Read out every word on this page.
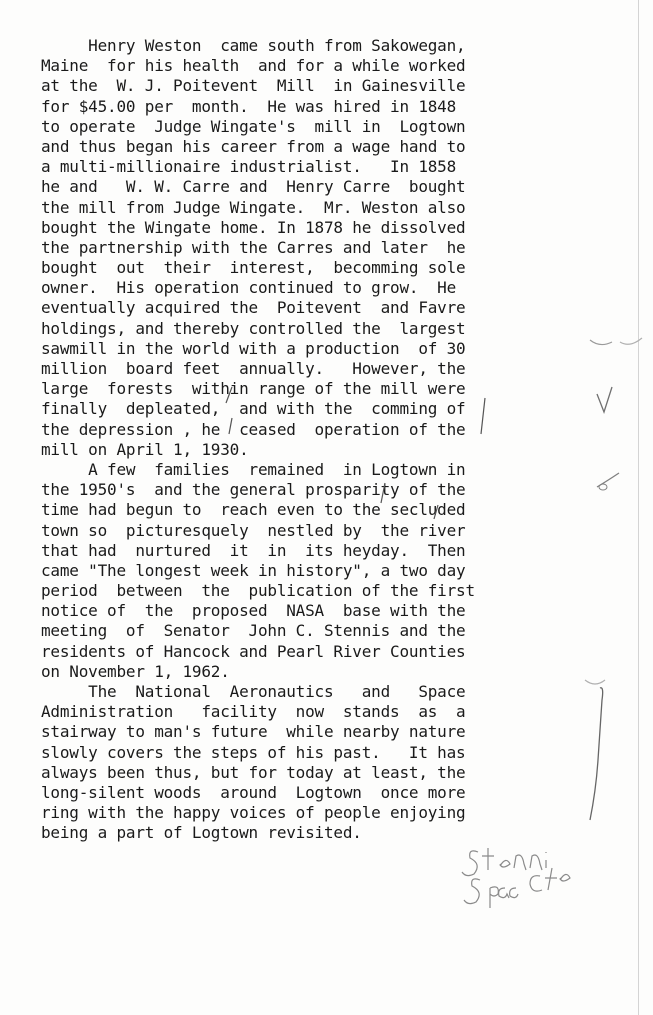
Henry Weston  came south from Sakowegan,
Maine  for his health  and for a while worked
at the  W. J. Poitevent  Mill  in Gainesville
for $45.00 per  month.  He was hired in 1848
to operate  Judge Wingate's  mill in  Logtown
and thus began his career from a wage hand to
a multi-millionaire industrialist.   In 1858
he and   W. W. Carre and  Henry Carre  bought
the mill from Judge Wingate.  Mr. Weston also
bought the Wingate home. In 1878 he dissolved
the partnership with the Carres and later  he
bought  out  their  interest,  becomming sole
owner.  His operation continued to grow.  He
eventually acquired the  Poitevent  and Favre
holdings, and thereby controlled the  largest
sawmill in the world with a production  of 30
million  board feet  annually.   However, the
large  forests  within range of the mill were
finally  depleated,  and with the  comming of
the depression , he  ceased  operation of the
mill on April 1, 1930.
A few  families  remained  in Logtown in
the 1950's  and the general prosparity of the
time had begun to  reach even to the secluded
town so  picturesquely  nestled by  the river
that had  nurtured  it  in  its heyday.  Then
came "The longest week in history", a two day
period  between  the  publication of the first
notice of  the  proposed  NASA  base with the
meeting  of  Senator  John C. Stennis and the
residents of Hancock and Pearl River Counties
on November 1, 1962.
The  National  Aeronautics   and   Space
Administration   facility  now  stands  as  a
stairway to man's future  while nearby nature
slowly covers the steps of his past.   It has
always been thus, but for today at least, the
long-silent woods  around  Logtown  once more
ring with the happy voices of people enjoying
being a part of Logtown revisited.
